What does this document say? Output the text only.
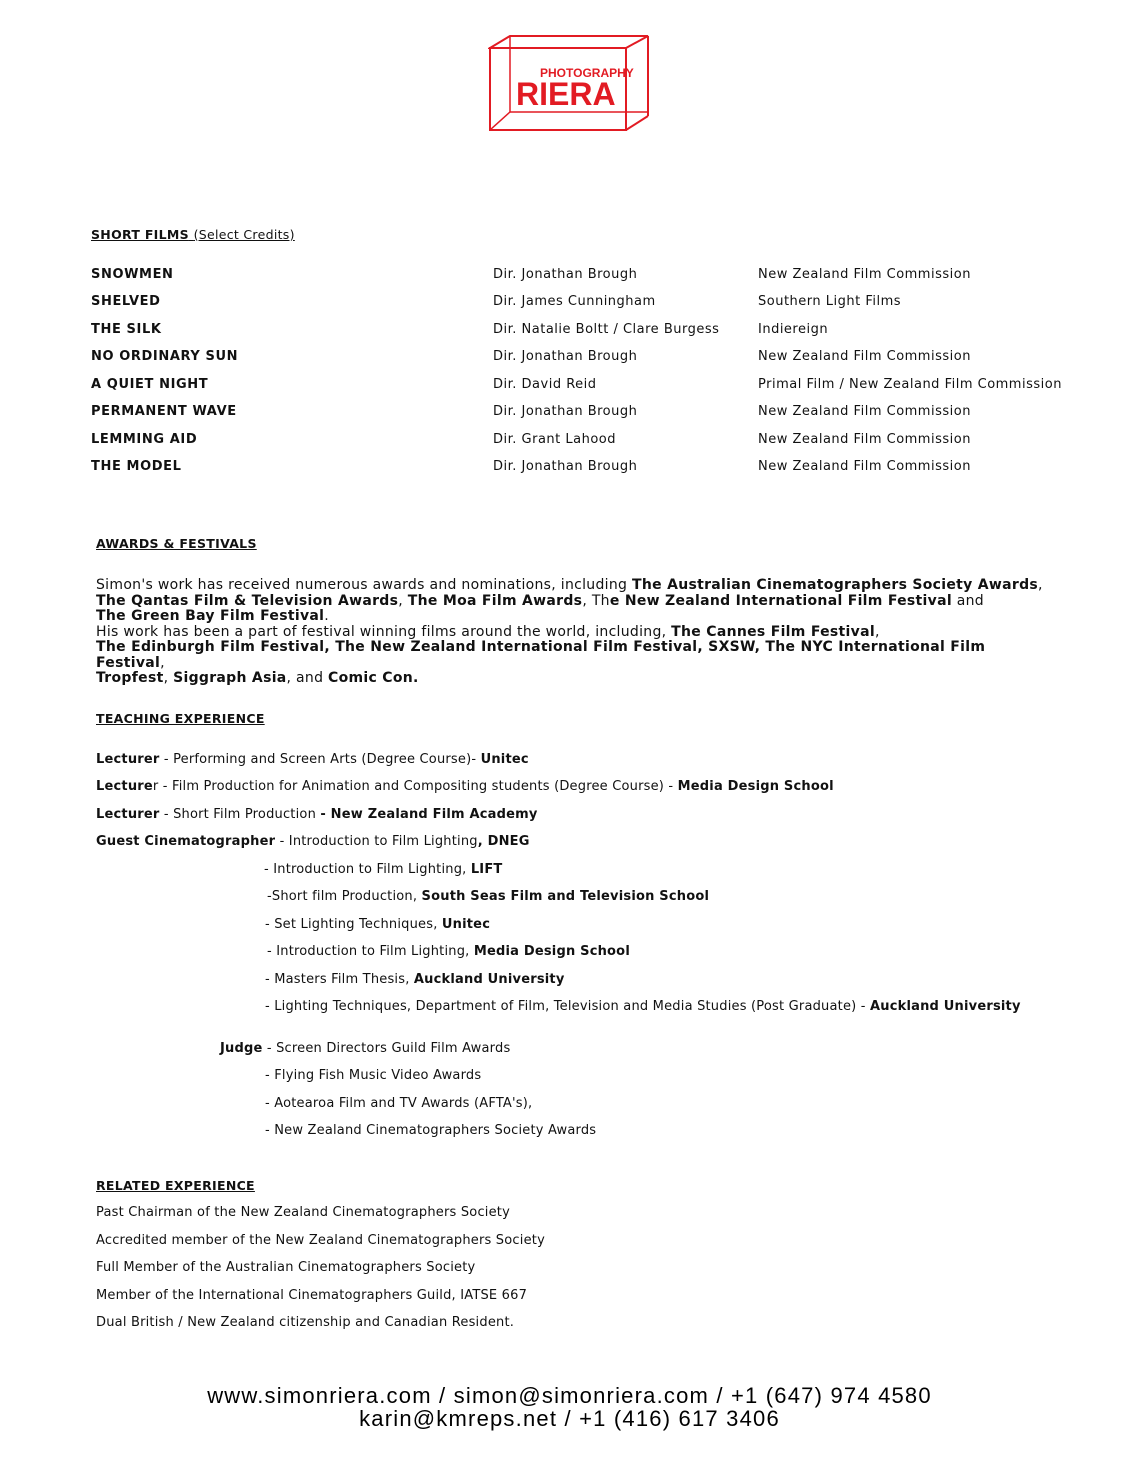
PHOTOGRAPHY
RIERA
SHORT FILMS (Select Credits)
SNOWMEN	Dir. Jonathan Brough	New Zealand Film Commission
SHELVED	Dir. James Cunningham	Southern Light Films
THE SILK	Dir. Natalie Boltt / Clare Burgess	Indiereign
NO ORDINARY SUN	Dir. Jonathan Brough	New Zealand Film Commission
A QUIET NIGHT	Dir. David Reid	Primal Film / New Zealand Film Commission
PERMANENT WAVE	Dir. Jonathan Brough	New Zealand Film Commission
LEMMING AID	Dir. Grant Lahood	New Zealand Film Commission
THE MODEL	Dir. Jonathan Brough	New Zealand Film Commission
AWARDS & FESTIVALS
Simon's work has received numerous awards and nominations, including The Australian Cinematographers Society Awards,
The Qantas Film & Television Awards, The Moa Film Awards, The New Zealand International Film Festival and
The Green Bay Film Festival.
His work has been a part of festival winning films around the world, including, The Cannes Film Festival,
The Edinburgh Film Festival, The New Zealand International Film Festival, SXSW, The NYC International Film Festival,
Tropfest, Siggraph Asia, and Comic Con.
TEACHING EXPERIENCE
Lecturer - Performing and Screen Arts (Degree Course)- Unitec
Lecturer - Film Production for Animation and Compositing students (Degree Course) - Media Design School
Lecturer - Short Film Production - New Zealand Film Academy
Guest Cinematographer - Introduction to Film Lighting, DNEG
- Introduction to Film Lighting, LIFT
-Short film Production, South Seas Film and Television School
- Set Lighting Techniques, Unitec
- Introduction to Film Lighting, Media Design School
- Masters Film Thesis, Auckland University
- Lighting Techniques, Department of Film, Television and Media Studies (Post Graduate) - Auckland University
Judge - Screen Directors Guild Film Awards
- Flying Fish Music Video Awards
- Aotearoa Film and TV Awards (AFTA's),
- New Zealand Cinematographers Society Awards
RELATED EXPERIENCE
Past Chairman of the New Zealand Cinematographers Society
Accredited member of the New Zealand Cinematographers Society
Full Member of the Australian Cinematographers Society
Member of the International Cinematographers Guild, IATSE 667
Dual British / New Zealand citizenship and Canadian Resident.
www.simonriera.com / simon@simonriera.com / +1 (647) 974 4580
karin@kmreps.net / +1 (416) 617 3406
